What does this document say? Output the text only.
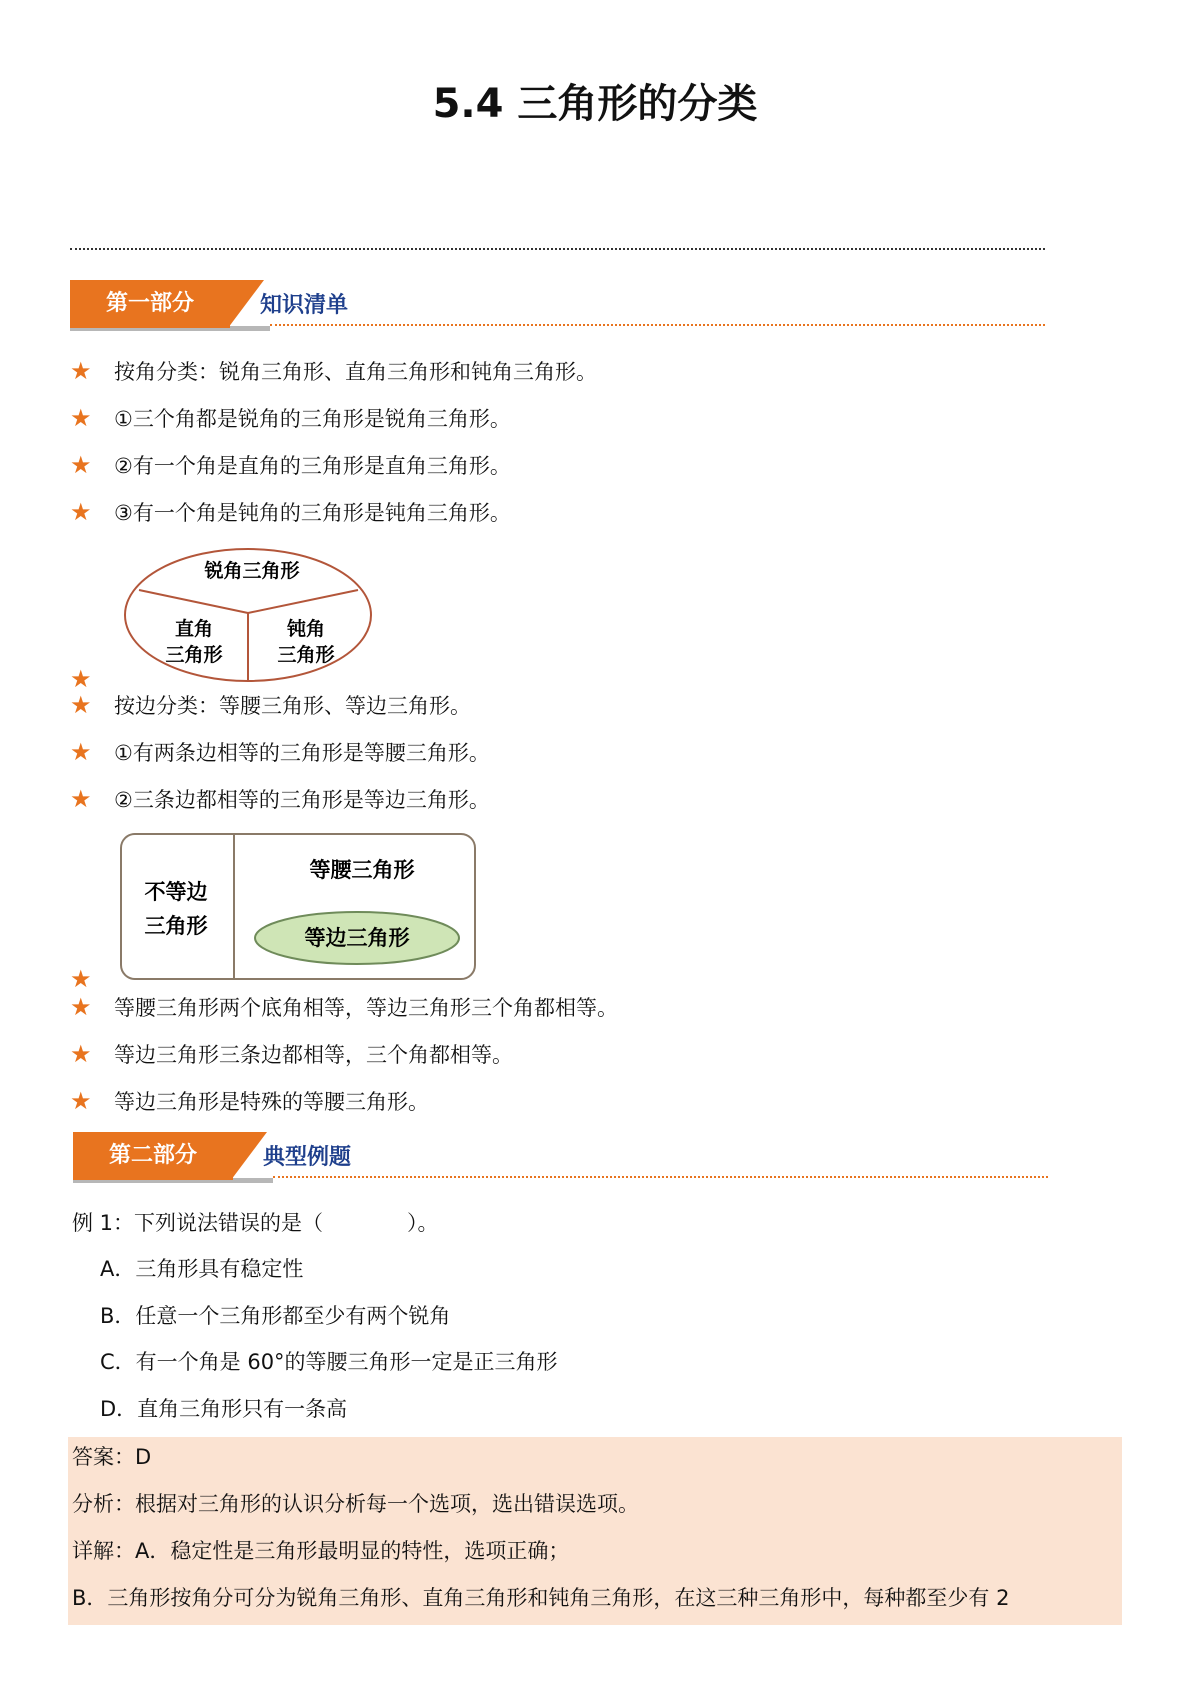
5.4 三角形的分类
第一部分	知识清单
★ 按角分类：锐角三角形、直角三角形和钝角三角形。
★ ①三个角都是锐角的三角形是锐角三角形。
★ ②有一个角是直角的三角形是直角三角形。
★ ③有一个角是钝角的三角形是钝角三角形。
锐角三角形
直角
三角形
钝角
三角形
★
★ 按边分类：等腰三角形、等边三角形。
★ ①有两条边相等的三角形是等腰三角形。
★ ②三条边都相等的三角形是等边三角形。
不等边
三角形
等腰三角形
等边三角形
★
★ 等腰三角形两个底角相等，等边三角形三个角都相等。
★ 等边三角形三条边都相等，三个角都相等。
★ 等边三角形是特殊的等腰三角形。
第二部分	典型例题
例 1：下列说法错误的是（　　　　）。
A．三角形具有稳定性
B．任意一个三角形都至少有两个锐角
C．有一个角是 60°的等腰三角形一定是正三角形
D．直角三角形只有一条高
答案：D
分析：根据对三角形的认识分析每一个选项，选出错误选项。
详解：A．稳定性是三角形最明显的特性，选项正确；
B．三角形按角分可分为锐角三角形、直角三角形和钝角三角形，在这三种三角形中，每种都至少有 2
